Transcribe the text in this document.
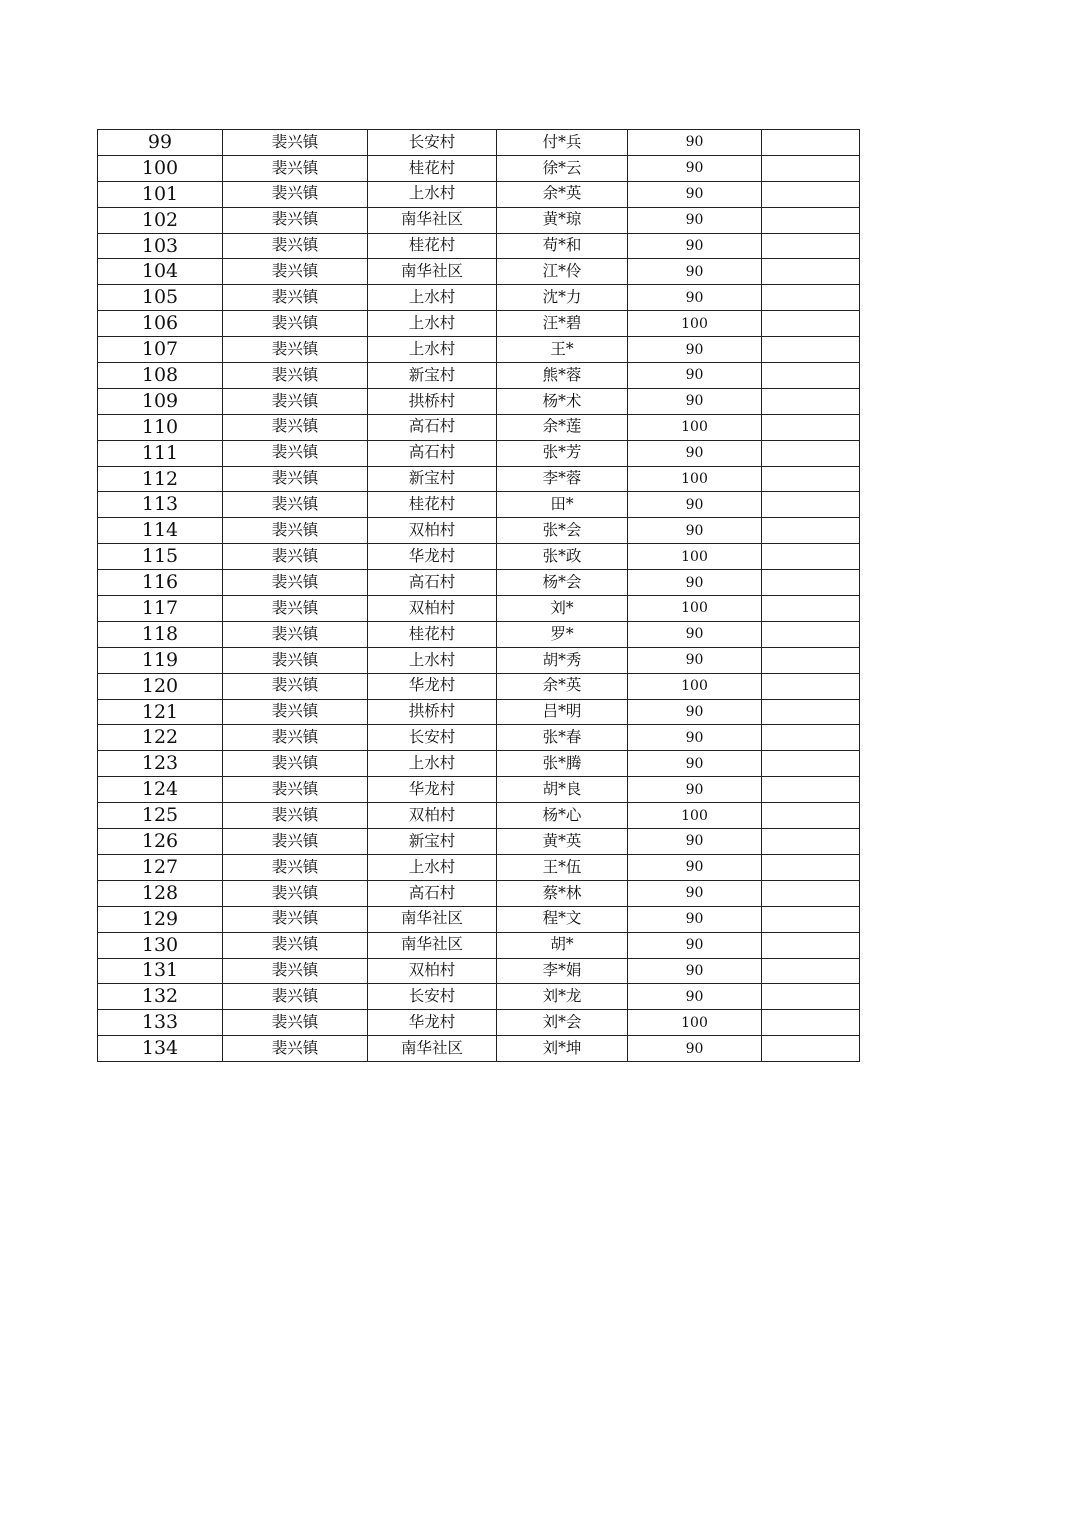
99	裴兴镇	长安村	付*兵	90	
100	裴兴镇	桂花村	徐*云	90	
101	裴兴镇	上水村	余*英	90	
102	裴兴镇	南华社区	黄*琼	90	
103	裴兴镇	桂花村	苟*和	90	
104	裴兴镇	南华社区	江*伶	90	
105	裴兴镇	上水村	沈*力	90	
106	裴兴镇	上水村	汪*碧	100	
107	裴兴镇	上水村	王*	90	
108	裴兴镇	新宝村	熊*蓉	90	
109	裴兴镇	拱桥村	杨*术	90	
110	裴兴镇	高石村	余*莲	100	
111	裴兴镇	高石村	张*芳	90	
112	裴兴镇	新宝村	李*蓉	100	
113	裴兴镇	桂花村	田*	90	
114	裴兴镇	双柏村	张*会	90	
115	裴兴镇	华龙村	张*政	100	
116	裴兴镇	高石村	杨*会	90	
117	裴兴镇	双柏村	刘*	100	
118	裴兴镇	桂花村	罗*	90	
119	裴兴镇	上水村	胡*秀	90	
120	裴兴镇	华龙村	余*英	100	
121	裴兴镇	拱桥村	吕*明	90	
122	裴兴镇	长安村	张*春	90	
123	裴兴镇	上水村	张*腾	90	
124	裴兴镇	华龙村	胡*良	90	
125	裴兴镇	双柏村	杨*心	100	
126	裴兴镇	新宝村	黄*英	90	
127	裴兴镇	上水村	王*伍	90	
128	裴兴镇	高石村	蔡*林	90	
129	裴兴镇	南华社区	程*文	90	
130	裴兴镇	南华社区	胡*	90	
131	裴兴镇	双柏村	李*娟	90	
132	裴兴镇	长安村	刘*龙	90	
133	裴兴镇	华龙村	刘*会	100	
134	裴兴镇	南华社区	刘*坤	90	
